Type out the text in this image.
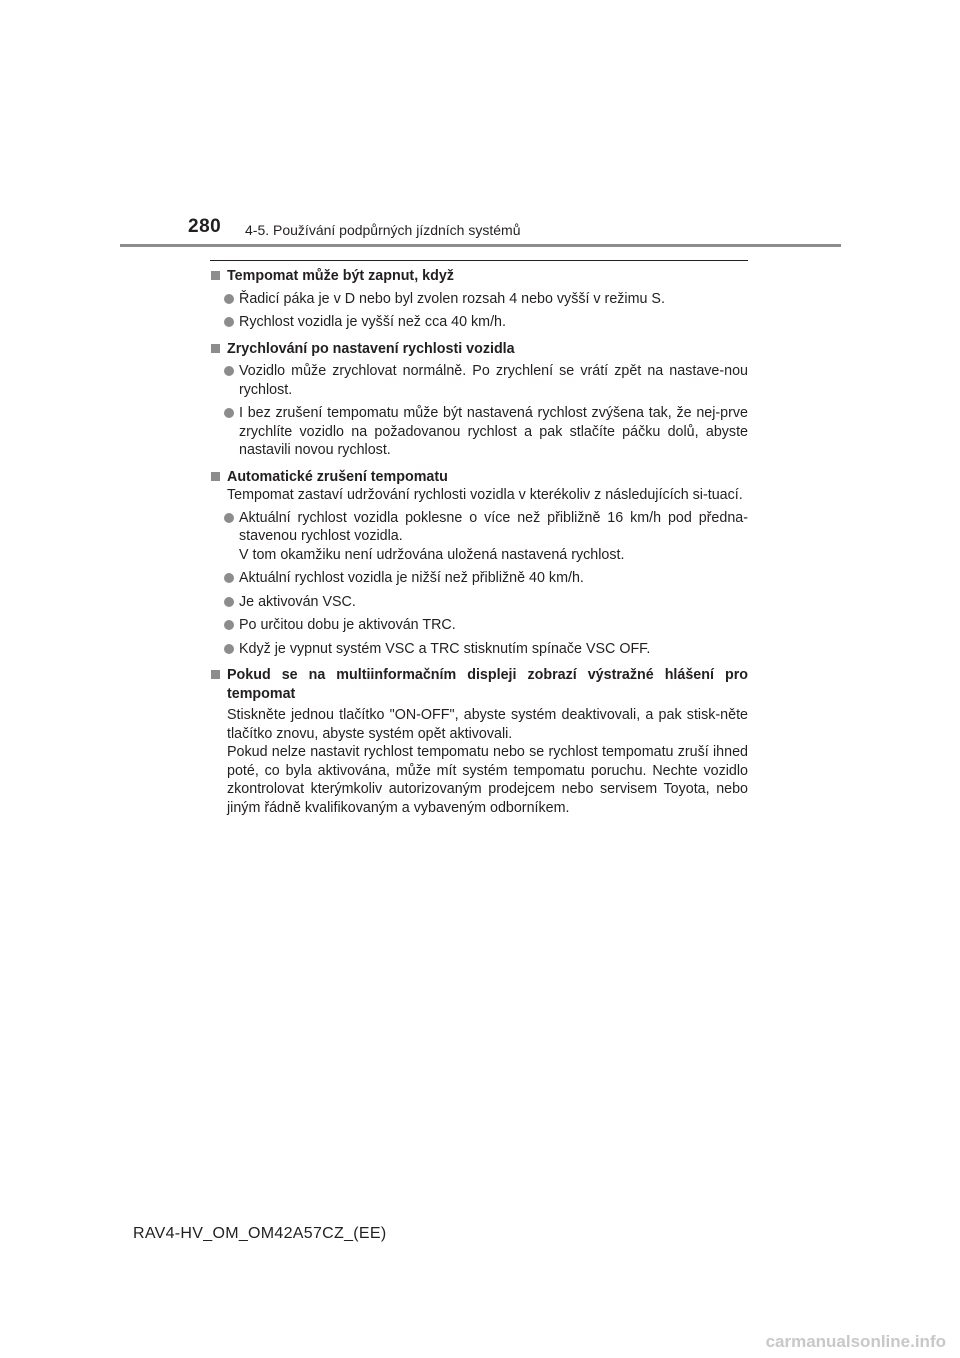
280 4-5. Používání podpůrných jízdních systémů
Tempomat může být zapnut, když
Řadicí páka je v D nebo byl zvolen rozsah 4 nebo vyšší v režimu S.
Rychlost vozidla je vyšší než cca 40 km/h.
Zrychlování po nastavení rychlosti vozidla
Vozidlo může zrychlovat normálně. Po zrychlení se vrátí zpět na nastave-nou rychlost.
I bez zrušení tempomatu může být nastavená rychlost zvýšena tak, že nej-prve zrychlíte vozidlo na požadovanou rychlost a pak stlačíte páčku dolů, abyste nastavili novou rychlost.
Automatické zrušení tempomatu
Tempomat zastaví udržování rychlosti vozidla v kterékoliv z následujících si-tuací.
Aktuální rychlost vozidla poklesne o více než přibližně 16 km/h pod předna-stavenou rychlost vozidla.
V tom okamžiku není udržována uložená nastavená rychlost.
Aktuální rychlost vozidla je nižší než přibližně 40 km/h.
Je aktivován VSC.
Po určitou dobu je aktivován TRC.
Když je vypnut systém VSC a TRC stisknutím spínače VSC OFF.
Pokud se na multiinformačním displeji zobrazí výstražné hlášení pro tempomat
Stiskněte jednou tlačítko "ON-OFF", abyste systém deaktivovali, a pak stisk-něte tlačítko znovu, abyste systém opět aktivovali.
Pokud nelze nastavit rychlost tempomatu nebo se rychlost tempomatu zruší ihned poté, co byla aktivována, může mít systém tempomatu poruchu. Nechte vozidlo zkontrolovat kterýmkoliv autorizovaným prodejcem nebo servisem Toyota, nebo jiným řádně kvalifikovaným a vybaveným odborníkem.
RAV4-HV_OM_OM42A57CZ_(EE)
carmanualsonline.info
